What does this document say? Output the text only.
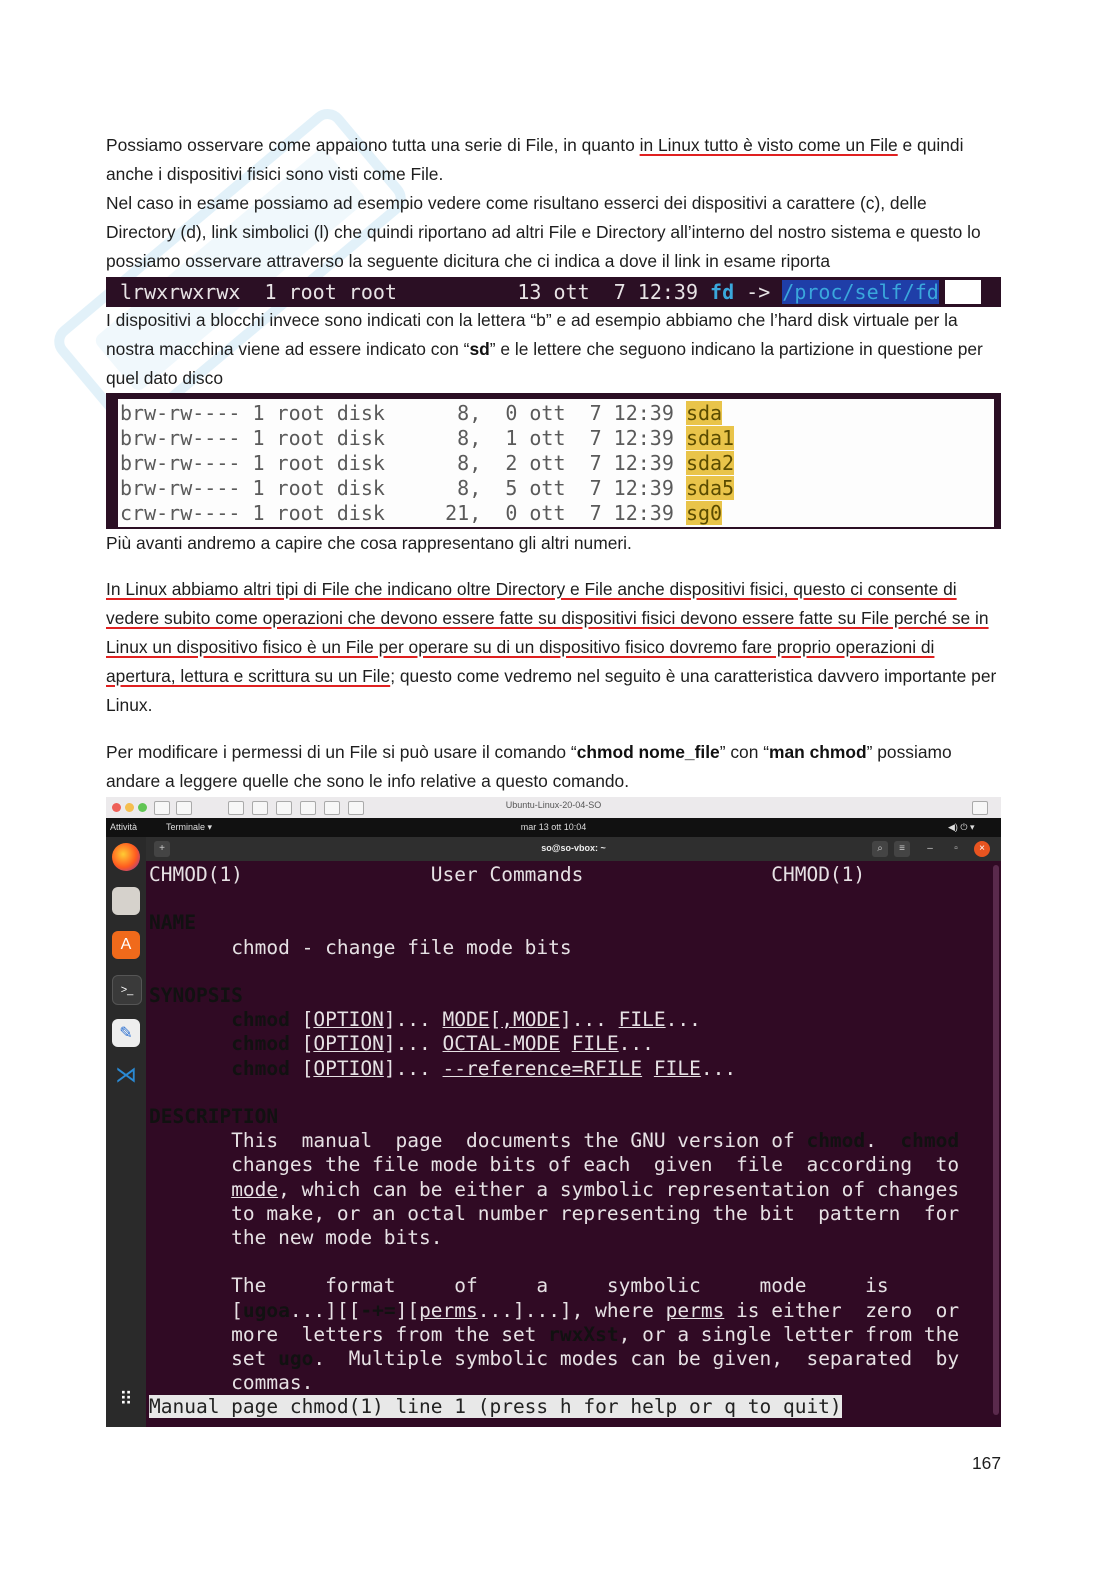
Possiamo osservare come appaiono tutta una serie di File, in quanto in Linux tutto è visto come un File e quindi anche i dispositivi fisici sono visti come File.

Nel caso in esame possiamo ad esempio vedere come risultano esserci dei dispositivi a carattere (c), delle Directory (d), link simbolici (l) che quindi riportano ad altri File e Directory all’interno del nostro sistema e questo lo possiamo osservare attraverso la seguente dicitura che ci indica a dove il link in esame riporta

lrwxrwxrwx  1 root root          13 ott  7 12:39 fd -> /proc/self/fd

I dispositivi a blocchi invece sono indicati con la lettera “b” e ad esempio abbiamo che l’hard disk virtuale per la nostra macchina viene ad essere indicato con “sd” e le lettere che seguono indicano la partizione in questione per quel dato disco

brw-rw---- 1 root disk      8,  0 ott  7 12:39 sda
brw-rw---- 1 root disk      8,  1 ott  7 12:39 sda1
brw-rw---- 1 root disk      8,  2 ott  7 12:39 sda2
brw-rw---- 1 root disk      8,  5 ott  7 12:39 sda5
crw-rw---- 1 root disk     21,  0 ott  7 12:39 sg0

Più avanti andremo a capire che cosa rappresentano gli altri numeri.

In Linux abbiamo altri tipi di File che indicano oltre Directory e File anche dispositivi fisici, questo ci consente di vedere subito come operazioni che devono essere fatte su dispositivi fisici devono essere fatte su File perché se in Linux un dispositivo fisico è un File per operare su di un dispositivo fisico dovremo fare proprio operazioni di apertura, lettura e scrittura su un File; questo come vedremo nel seguito è una caratteristica davvero importante per Linux.

Per modificare i permessi di un File si può usare il comando “chmod nome_file” con “man chmod” possiamo andare a leggere quelle che sono le info relative a questo comando.

Ubuntu-Linux-20-04-SO
Attività	Terminale ▾	mar 13 ott 10:04	◀) ⏻ ▾
A
>_
✎
⋊
⠿
+	so@so-vbox: ~	⌕	≡	–	▫	×
CHMOD(1)	User Commands	CHMOD(1)

NAME
chmod - change file mode bits

SYNOPSIS
chmod [OPTION]... MODE[,MODE]... FILE...
chmod [OPTION]... OCTAL-MODE FILE...
chmod [OPTION]... --reference=RFILE FILE...

DESCRIPTION
This  manual  page  documents the GNU version of chmod.  chmod
changes the file mode bits of each  given  file  according  to
mode, which can be either a symbolic representation of changes
to make, or an octal number representing the bit  pattern  for
the new mode bits.

The     format     of     a     symbolic     mode     is
[ugoa...][[-+=][perms...]...], where perms is either  zero  or
more  letters from the set rwxXst, or a single letter from the
set ugo.  Multiple symbolic modes can be given,  separated  by
commas.
Manual page chmod(1) line 1 (press h for help or q to quit)
167
